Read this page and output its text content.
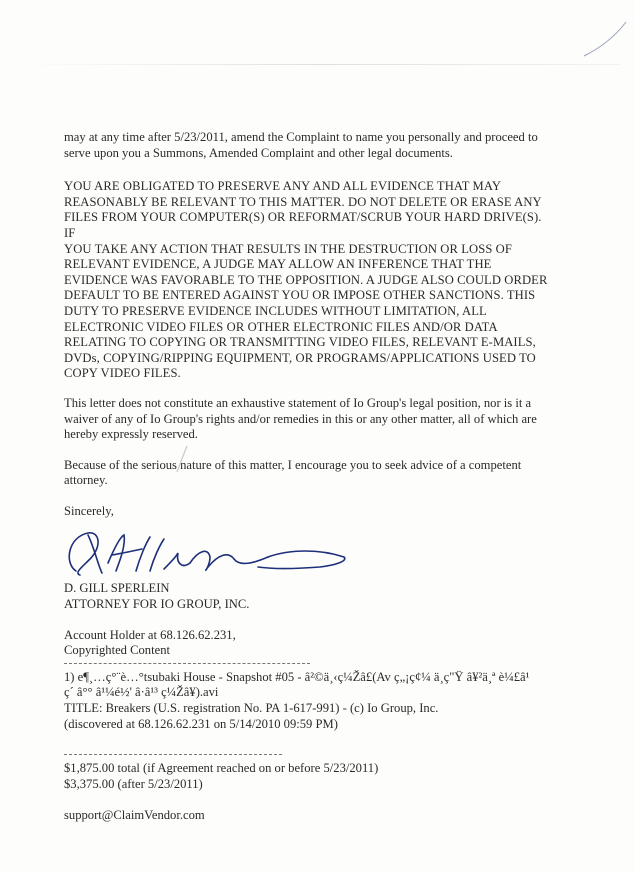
may at any time after 5/23/2011, amend the Complaint to name you personally and proceed to serve upon you a Summons, Amended Complaint and other legal documents.

YOU ARE OBLIGATED TO PRESERVE ANY AND ALL EVIDENCE THAT MAY
REASONABLY BE RELEVANT TO THIS MATTER. DO NOT DELETE OR ERASE ANY
FILES FROM YOUR COMPUTER(S) OR REFORMAT/SCRUB YOUR HARD DRIVE(S). IF
YOU TAKE ANY ACTION THAT RESULTS IN THE DESTRUCTION OR LOSS OF
RELEVANT EVIDENCE, A JUDGE MAY ALLOW AN INFERENCE THAT THE
EVIDENCE WAS FAVORABLE TO THE OPPOSITION. A JUDGE ALSO COULD ORDER
DEFAULT TO BE ENTERED AGAINST YOU OR IMPOSE OTHER SANCTIONS. THIS
DUTY TO PRESERVE EVIDENCE INCLUDES WITHOUT LIMITATION, ALL
ELECTRONIC VIDEO FILES OR OTHER ELECTRONIC FILES AND/OR DATA
RELATING TO COPYING OR TRANSMITTING VIDEO FILES, RELEVANT E-MAILS,
DVDs, COPYING/RIPPING EQUIPMENT, OR PROGRAMS/APPLICATIONS USED TO
COPY VIDEO FILES.

This letter does not constitute an exhaustive statement of Io Group's legal position, nor is it a waiver of any of Io Group's rights and/or remedies in this or any other matter, all of which are hereby expressly reserved.

Because of the serious nature of this matter, I encourage you to seek advice of a competent attorney.

Sincerely,

D. GILL SPERLEIN
ATTORNEY FOR IO GROUP, INC.
Account Holder at 68.126.62.231,
Copyrighted Content
1) e¶¸…ç°¨è…°tsubaki House - Snapshot #05 - â²©ä¸‹ç¼Žâ£(Av ç„¡ç¢¼ ä¸ç"Ÿ â¥²ä¸ª è¼£â¹
ç´ â°° â¹¼é½' â·â¹³ ç¼Žâ¥).avi
TITLE: Breakers (U.S. registration No. PA 1-617-991) - (c) Io Group, Inc.
(discovered at 68.126.62.231 on 5/14/2010 09:59 PM)
$1,875.00 total (if Agreement reached on or before 5/23/2011)
$3,375.00 (after 5/23/2011)
support@ClaimVendor.com
